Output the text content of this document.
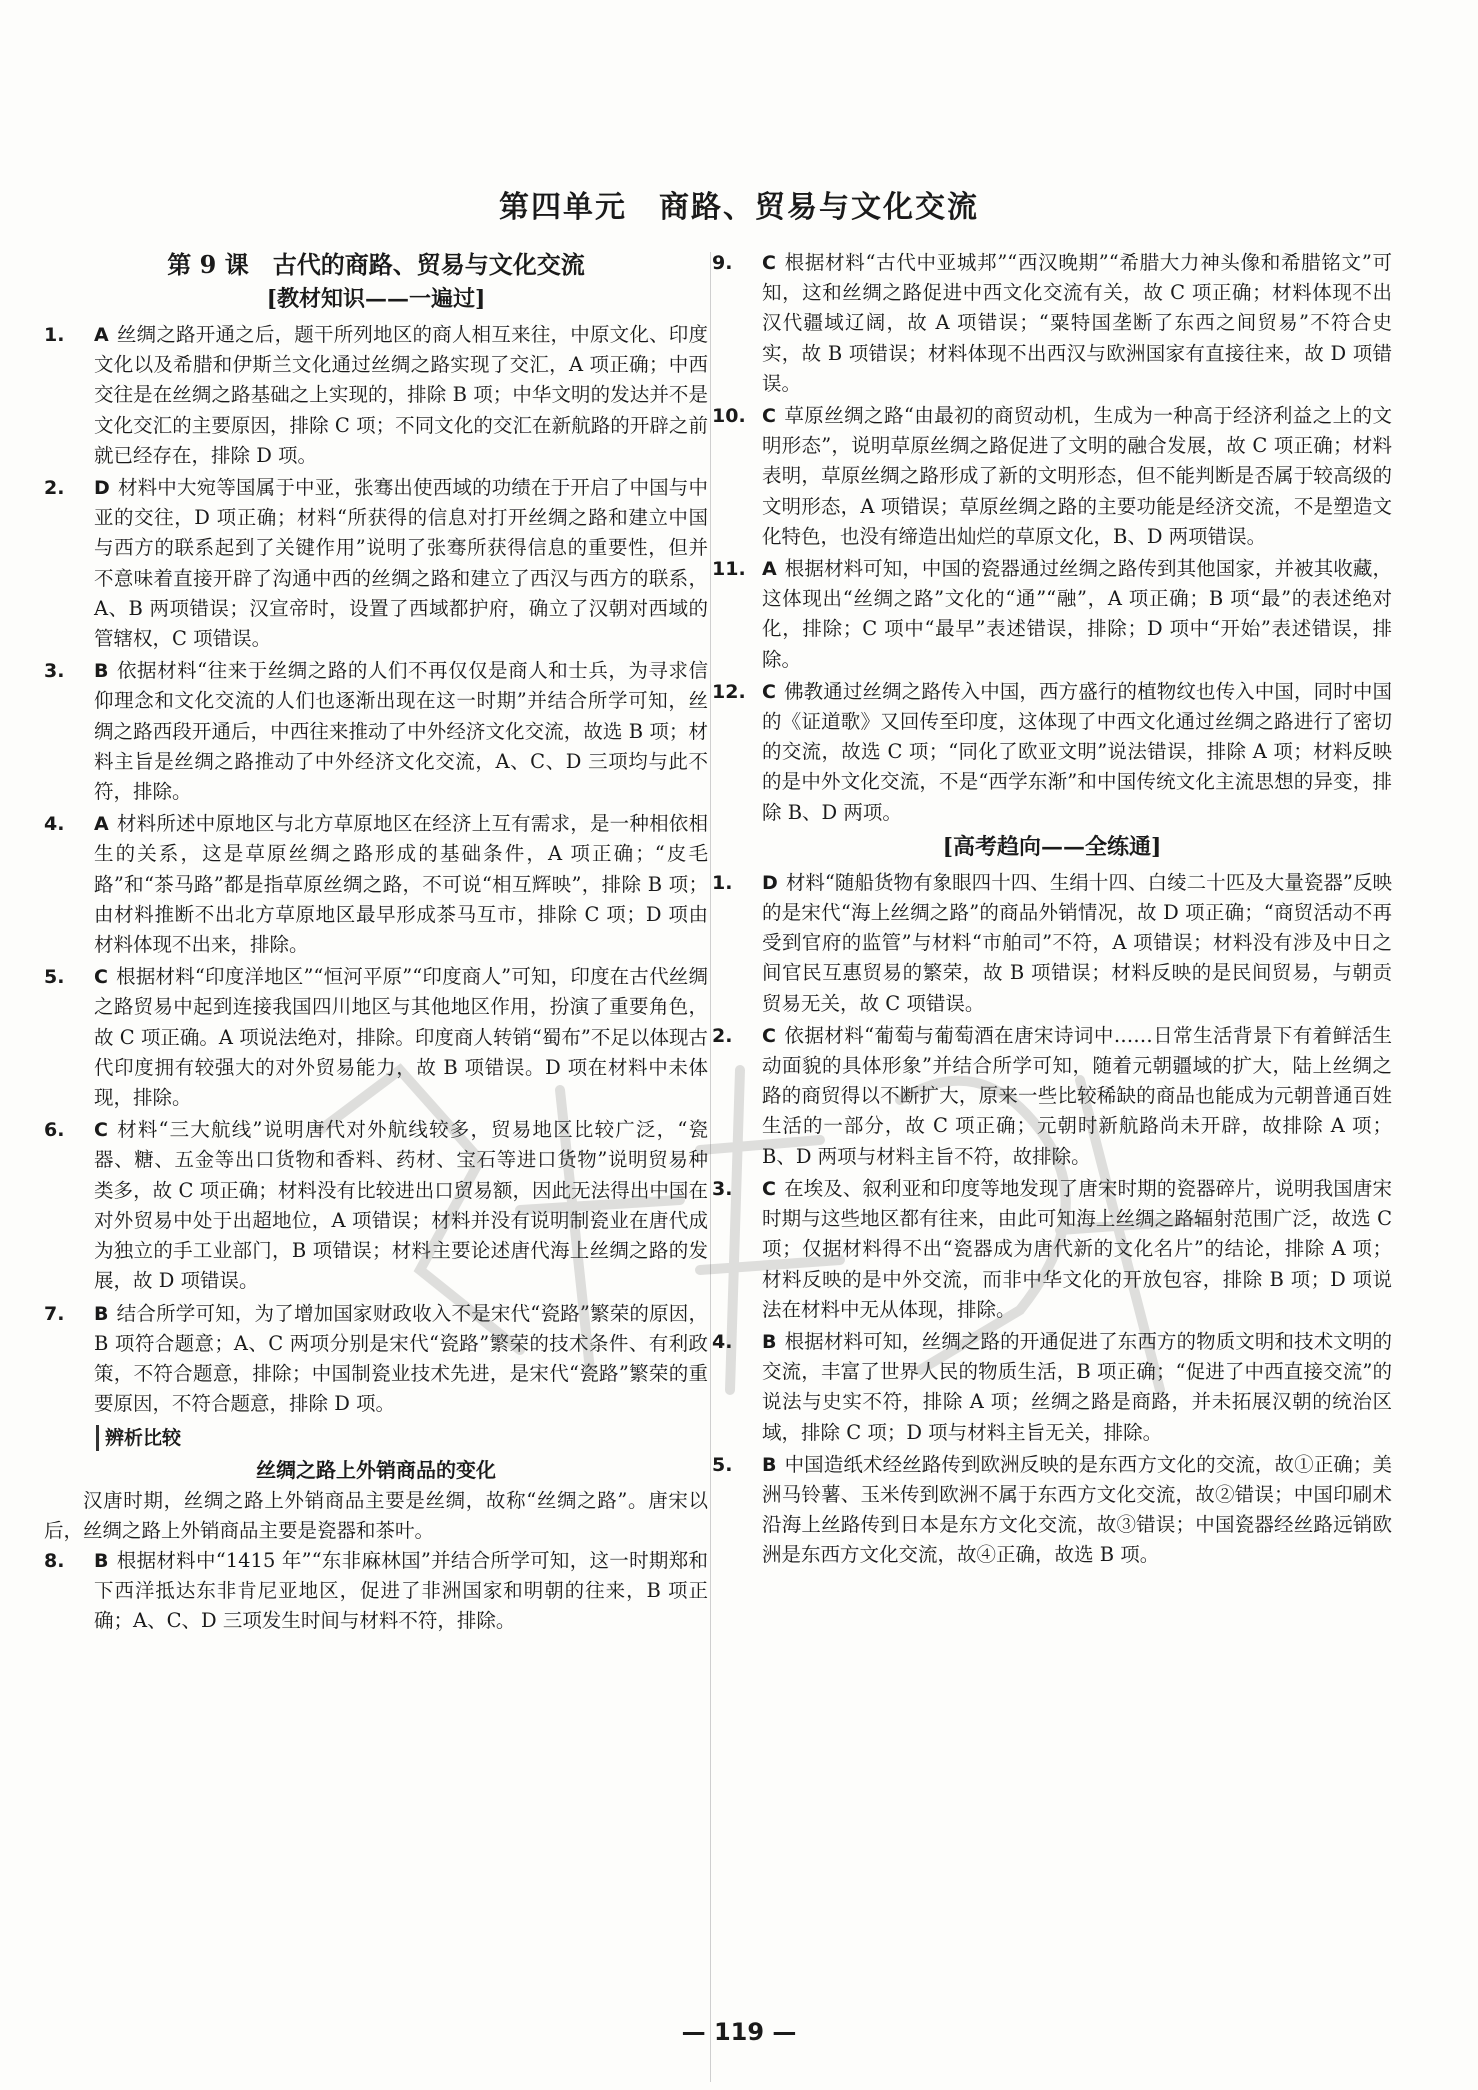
第四单元　商路、贸易与文化交流
第 9 课　古代的商路、贸易与文化交流
[教材知识——一遍过]
1. A 丝绸之路开通之后，题干所列地区的商人相互来往，中原文化、印度文化以及希腊和伊斯兰文化通过丝绸之路实现了交汇，A 项正确；中西交往是在丝绸之路基础之上实现的，排除 B 项；中华文明的发达并不是文化交汇的主要原因，排除 C 项；不同文化的交汇在新航路的开辟之前就已经存在，排除 D 项。
2. D 材料中大宛等国属于中亚，张骞出使西域的功绩在于开启了中国与中亚的交往，D 项正确；材料“所获得的信息对打开丝绸之路和建立中国与西方的联系起到了关键作用”说明了张骞所获得信息的重要性，但并不意味着直接开辟了沟通中西的丝绸之路和建立了西汉与西方的联系，A、B 两项错误；汉宣帝时，设置了西域都护府，确立了汉朝对西域的管辖权，C 项错误。
3. B 依据材料“往来于丝绸之路的人们不再仅仅是商人和士兵，为寻求信仰理念和文化交流的人们也逐渐出现在这一时期”并结合所学可知，丝绸之路西段开通后，中西往来推动了中外经济文化交流，故选 B 项；材料主旨是丝绸之路推动了中外经济文化交流，A、C、D 三项均与此不符，排除。
4. A 材料所述中原地区与北方草原地区在经济上互有需求，是一种相依相生的关系，这是草原丝绸之路形成的基础条件，A 项正确；“皮毛路”和“茶马路”都是指草原丝绸之路，不可说“相互辉映”，排除 B 项；由材料推断不出北方草原地区最早形成茶马互市，排除 C 项；D 项由材料体现不出来，排除。
5. C 根据材料“印度洋地区”“恒河平原”“印度商人”可知，印度在古代丝绸之路贸易中起到连接我国四川地区与其他地区作用，扮演了重要角色，故 C 项正确。A 项说法绝对，排除。印度商人转销“蜀布”不足以体现古代印度拥有较强大的对外贸易能力，故 B 项错误。D 项在材料中未体现，排除。
6. C 材料“三大航线”说明唐代对外航线较多，贸易地区比较广泛，“瓷器、糖、五金等出口货物和香料、药材、宝石等进口货物”说明贸易种类多，故 C 项正确；材料没有比较进出口贸易额，因此无法得出中国在对外贸易中处于出超地位，A 项错误；材料并没有说明制瓷业在唐代成为独立的手工业部门，B 项错误；材料主要论述唐代海上丝绸之路的发展，故 D 项错误。
7. B 结合所学可知，为了增加国家财政收入不是宋代“瓷路”繁荣的原因，B 项符合题意；A、C 两项分别是宋代“瓷路”繁荣的技术条件、有利政策，不符合题意，排除；中国制瓷业技术先进，是宋代“瓷路”繁荣的重要原因，不符合题意，排除 D 项。
辨析比较
丝绸之路上外销商品的变化
汉唐时期，丝绸之路上外销商品主要是丝绸，故称“丝绸之路”。唐宋以后，丝绸之路上外销商品主要是瓷器和茶叶。
8. B 根据材料中“1415 年”“东非麻林国”并结合所学可知，这一时期郑和下西洋抵达东非肯尼亚地区，促进了非洲国家和明朝的往来，B 项正确；A、C、D 三项发生时间与材料不符，排除。
9. C 根据材料“古代中亚城邦”“西汉晚期”“希腊大力神头像和希腊铭文”可知，这和丝绸之路促进中西文化交流有关，故 C 项正确；材料体现不出汉代疆域辽阔，故 A 项错误；“粟特国垄断了东西之间贸易”不符合史实，故 B 项错误；材料体现不出西汉与欧洲国家有直接往来，故 D 项错误。
10. C 草原丝绸之路“由最初的商贸动机，生成为一种高于经济利益之上的文明形态”，说明草原丝绸之路促进了文明的融合发展，故 C 项正确；材料表明，草原丝绸之路形成了新的文明形态，但不能判断是否属于较高级的文明形态，A 项错误；草原丝绸之路的主要功能是经济交流，不是塑造文化特色，也没有缔造出灿烂的草原文化，B、D 两项错误。
11. A 根据材料可知，中国的瓷器通过丝绸之路传到其他国家，并被其收藏，这体现出“丝绸之路”文化的“通”“融”，A 项正确；B 项“最”的表述绝对化，排除；C 项中“最早”表述错误，排除；D 项中“开始”表述错误，排除。
12. C 佛教通过丝绸之路传入中国，西方盛行的植物纹也传入中国，同时中国的《证道歌》又回传至印度，这体现了中西文化通过丝绸之路进行了密切的交流，故选 C 项；“同化了欧亚文明”说法错误，排除 A 项；材料反映的是中外文化交流，不是“西学东渐”和中国传统文化主流思想的异变，排除 B、D 两项。
[高考趋向——全练通]
1. D 材料“随船货物有象眼四十四、生绢十四、白绫二十匹及大量瓷器”反映的是宋代“海上丝绸之路”的商品外销情况，故 D 项正确；“商贸活动不再受到官府的监管”与材料“市舶司”不符，A 项错误；材料没有涉及中日之间官民互惠贸易的繁荣，故 B 项错误；材料反映的是民间贸易，与朝贡贸易无关，故 C 项错误。
2. C 依据材料“葡萄与葡萄酒在唐宋诗词中……日常生活背景下有着鲜活生动面貌的具体形象”并结合所学可知，随着元朝疆域的扩大，陆上丝绸之路的商贸得以不断扩大，原来一些比较稀缺的商品也能成为元朝普通百姓生活的一部分，故 C 项正确；元朝时新航路尚未开辟，故排除 A 项；B、D 两项与材料主旨不符，故排除。
3. C 在埃及、叙利亚和印度等地发现了唐宋时期的瓷器碎片，说明我国唐宋时期与这些地区都有往来，由此可知海上丝绸之路辐射范围广泛，故选 C 项；仅据材料得不出“瓷器成为唐代新的文化名片”的结论，排除 A 项；材料反映的是中外交流，而非中华文化的开放包容，排除 B 项；D 项说法在材料中无从体现，排除。
4. B 根据材料可知，丝绸之路的开通促进了东西方的物质文明和技术文明的交流，丰富了世界人民的物质生活，B 项正确；“促进了中西直接交流”的说法与史实不符，排除 A 项；丝绸之路是商路，并未拓展汉朝的统治区域，排除 C 项；D 项与材料主旨无关，排除。
5. B 中国造纸术经丝路传到欧洲反映的是东西方文化的交流，故①正确；美洲马铃薯、玉米传到欧洲不属于东西方文化交流，故②错误；中国印刷术沿海上丝路传到日本是东方文化交流，故③错误；中国瓷器经丝路远销欧洲是东西方文化交流，故④正确，故选 B 项。
— 119 —
